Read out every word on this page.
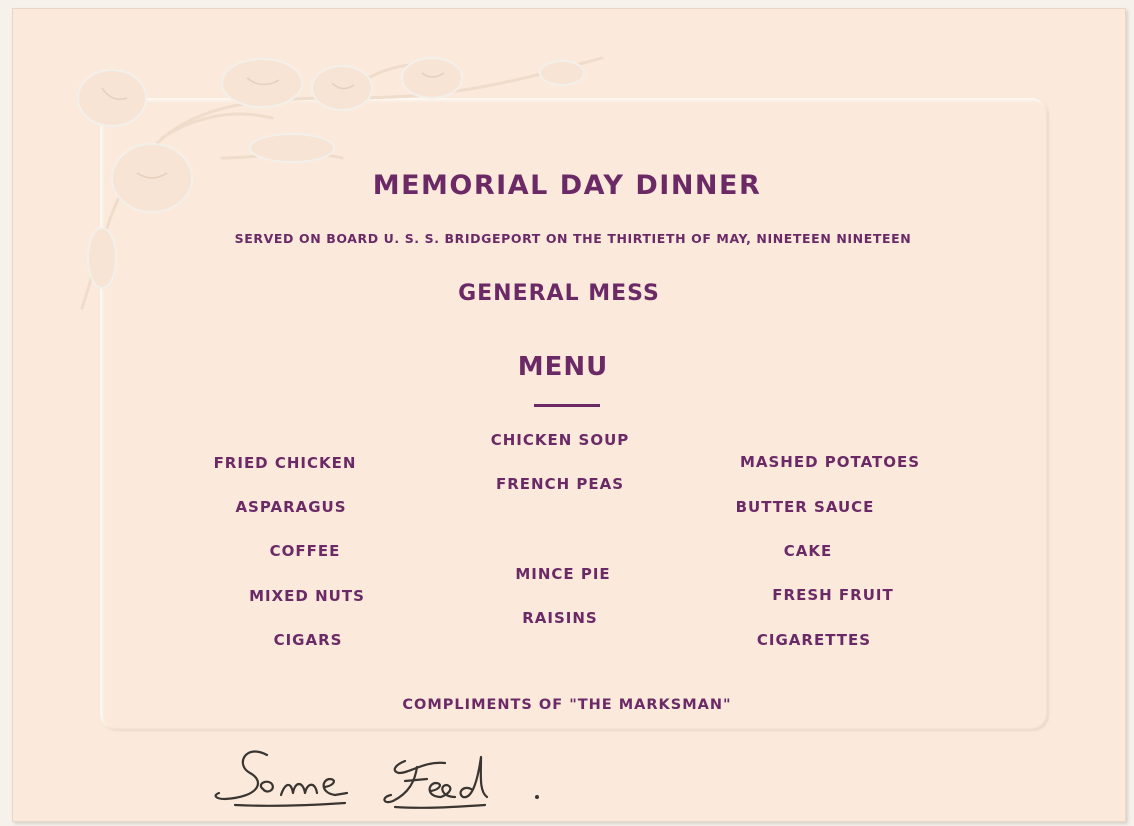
MEMORIAL DAY DINNER
SERVED ON BOARD U. S. S. BRIDGEPORT ON THE THIRTIETH OF MAY, NINETEEN NINETEEN
GENERAL MESS
MENU
FRIED CHICKEN
ASPARAGUS
COFFEE
MIXED NUTS
CIGARS
CHICKEN SOUP
FRENCH PEAS
MINCE PIE
RAISINS
MASHED POTATOES
BUTTER SAUCE
CAKE
FRESH FRUIT
CIGARETTES
COMPLIMENTS OF "THE MARKSMAN"
